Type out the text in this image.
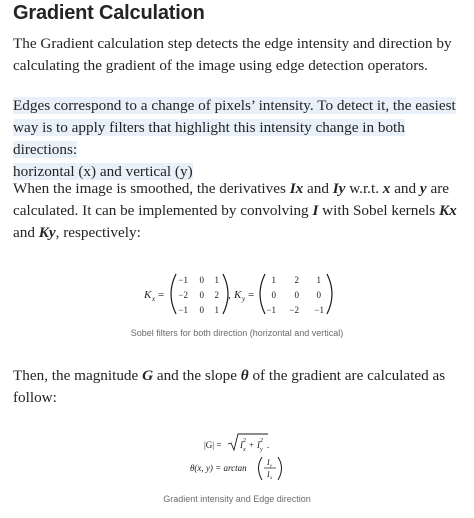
Gradient Calculation
The Gradient calculation step detects the edge intensity and direction by
calculating the gradient of the image using edge detection operators.
Edges correspond to a change of pixels’ intensity. To detect it, the easiest
way is to apply filters that highlight this intensity change in both directions:
horizontal (x) and vertical (y)
When the image is smoothed, the derivatives Ix and Iy w.r.t. x and y are
calculated. It can be implemented by convolving I with Sobel kernels Kx
and Ky, respectively:
K x =
−1 0 1
−2 0 2
−1 0 1
, K y =
1 2 1
0 0 0
−1 −2 −1
Sobel filters for both direction (horizontal and vertical)
Then, the magnitude G and the slope θ of the gradient are calculated as
follow:
|G| = I x
2 + I y
2 .
θ(x, y) = arctan
I y
I x
Gradient intensity and Edge direction
